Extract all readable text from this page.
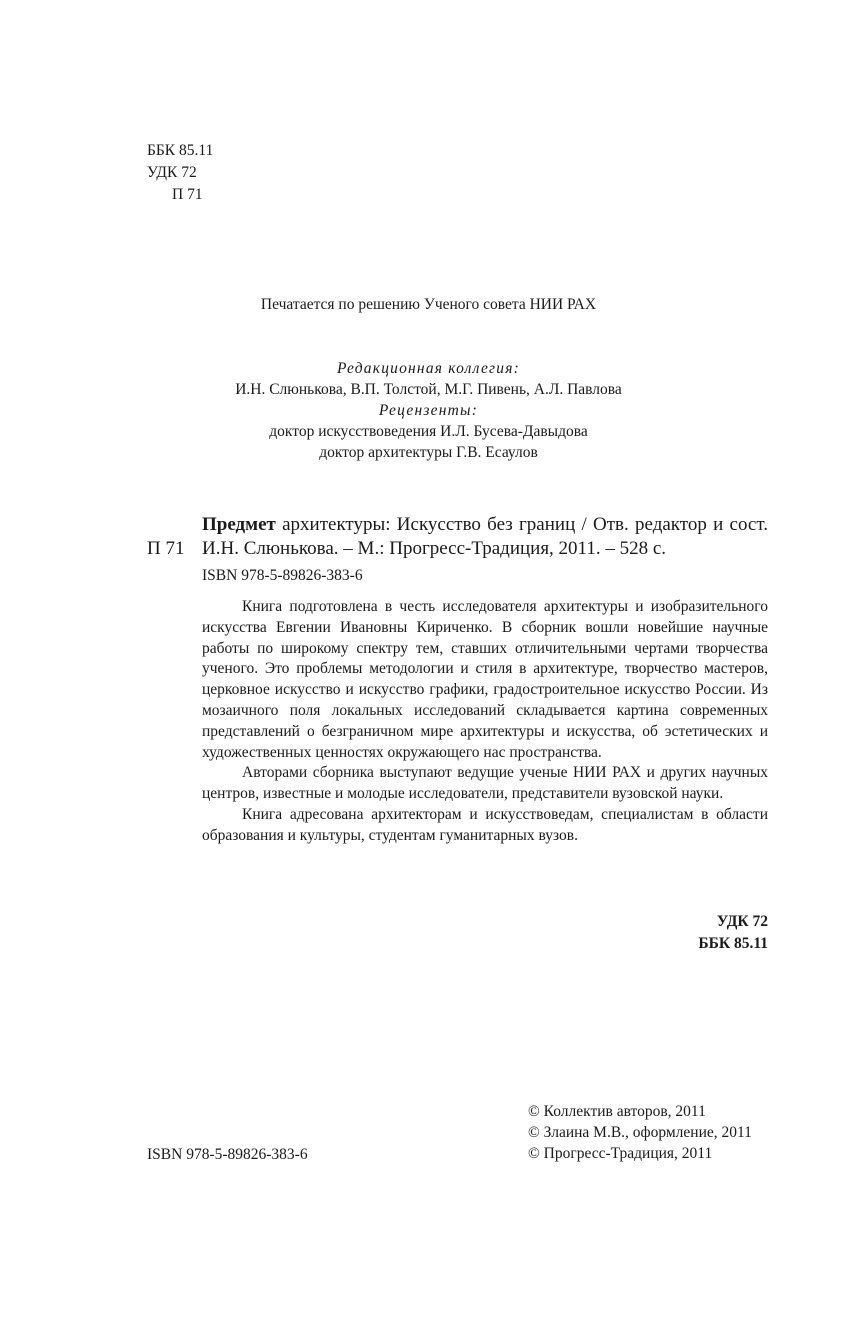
ББК 85.11
УДК 72
П 71
Печатается по решению Ученого совета НИИ РАХ
Редакционная коллегия:
И.Н. Слюнькова, В.П. Толстой, М.Г. Пивень, А.Л. Павлова
Рецензенты:
доктор искусствоведения И.Л. Бусева-Давыдова
доктор архитектуры Г.В. Есаулов
П 71
Предмет архитектуры: Искусство без границ / Отв. редактор и сост. И.Н. Слюнькова. – М.: Прогресс-Традиция, 2011. – 528 с.
ISBN 978-5-89826-383-6

Книга подготовлена в честь исследователя архитектуры и изобразительного искусства Евгении Ивановны Кириченко. В сборник вошли новейшие научные работы по широкому спектру тем, ставших отличительными чертами творчества ученого. Это проблемы методологии и стиля в архитектуре, творчество мастеров, церковное искусство и искусство графики, градостроительное искусство России. Из мозаичного поля локальных исследований складывается картина современных представлений о безграничном мире архитектуры и искусства, об эстетических и художественных ценностях окружающего нас пространства.

Авторами сборника выступают ведущие ученые НИИ РАХ и других научных центров, известные и молодые исследователи, представители вузовской науки.

Книга адресована архитекторам и искусствоведам, специалистам в области образования и культуры, студентам гуманитарных вузов.

УДК 72
ББК 85.11
© Коллектив авторов, 2011
© Злаина М.В., оформление, 2011
© Прогресс-Традиция, 2011
ISBN 978-5-89826-383-6
